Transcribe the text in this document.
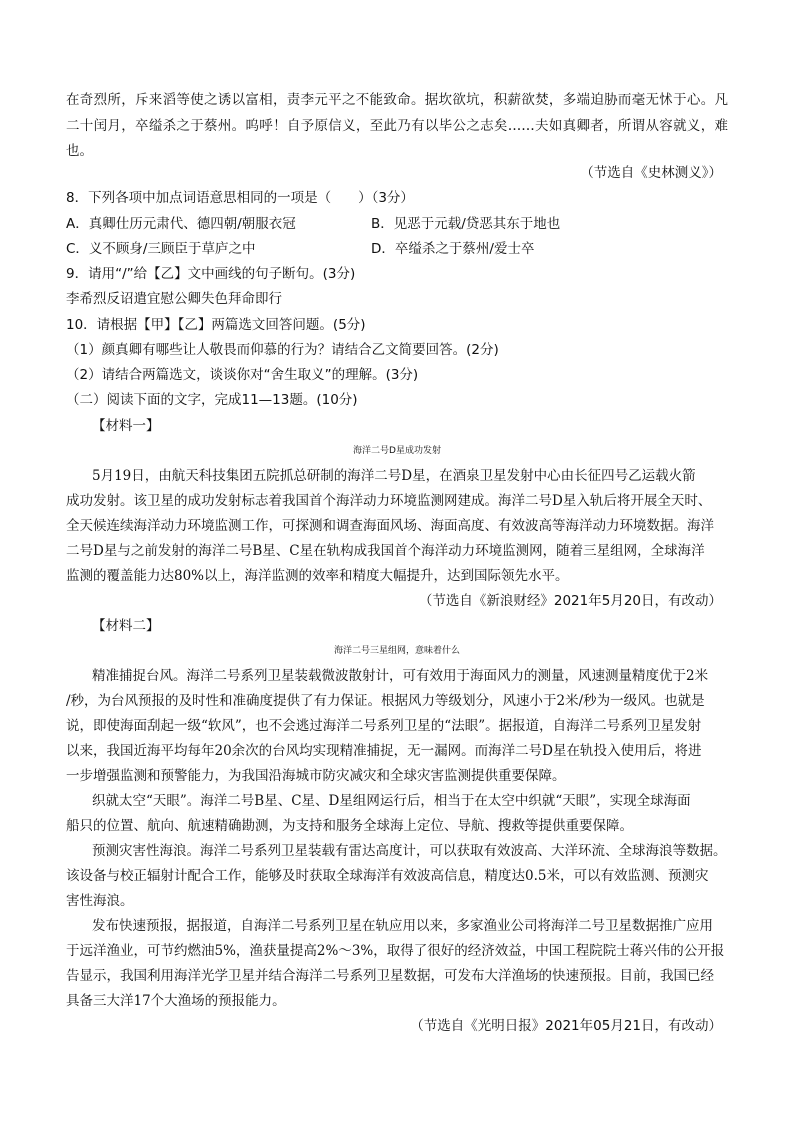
在奇烈所，斥来滔等使之诱以富相，责李元平之不能致命。据坎欲坑，积薪欲焚，多端迫胁而毫无怵于心。凡
二十闰月，卒缢杀之于蔡州。呜呼！自予原信义，至此乃有以毕公之志矣……夫如真卿者，所谓从容就义，难
也。
（节选自《史林测义》）
8．下列各项中加点词语意思相同的一项是（　　）（3分）
A．真卿仕历元肃代、德四朝/朝服衣冠	B．见恶于元载/贷恶其东于地也
C．义不顾身/三顾臣于草庐之中	D．卒缢杀之于蔡州/爱士卒
9．请用“/”给【乙】文中画线的句子断句。(3分)
李希烈反诏遣宜慰公卿失色拜命即行
10．请根据【甲】【乙】两篇选文回答问题。(5分)
（1）颜真卿有哪些让人敬畏而仰慕的行为？请结合乙文简要回答。(2分)
（2）请结合两篇选文，谈谈你对“舍生取义”的理解。(3分)
（二）阅读下面的文字，完成11—13题。(10分)
【材料一】
海洋二号D星成功发射
5月19日，由航天科技集团五院抓总研制的海洋二号D星，在酒泉卫星发射中心由长征四号乙运载火箭
成功发射。该卫星的成功发射标志着我国首个海洋动力环境监测网建成。海洋二号D星入轨后将开展全天时、
全天候连续海洋动力环境监测工作，可探测和调查海面风场、海面高度、有效波高等海洋动力环境数据。海洋
二号D星与之前发射的海洋二号B星、C星在轨构成我国首个海洋动力环境监测网，随着三星组网，全球海洋
监测的覆盖能力达80%以上，海洋监测的效率和精度大幅提升，达到国际领先水平。
（节选自《新浪财经》2021年5月20日，有改动）
【材料二】
海洋二号三星组网，意味着什么
精准捕捉台风。海洋二号系列卫星装载微波散射计，可有效用于海面风力的测量，风速测量精度优于2米
/秒，为台风预报的及时性和准确度提供了有力保证。根据风力等级划分，风速小于2米/秒为一级风。也就是
说，即使海面刮起一级“软风”，也不会逃过海洋二号系列卫星的“法眼”。据报道，自海洋二号系列卫星发射
以来，我国近海平均每年20余次的台风均实现精准捕捉，无一漏网。而海洋二号D星在轨投入使用后，将进
一步增强监测和预警能力，为我国沿海城市防灾减灾和全球灾害监测提供重要保障。
织就太空“天眼”。海洋二号B星、C星、D星组网运行后，相当于在太空中织就“天眼”，实现全球海面
船只的位置、航向、航速精确勘测，为支持和服务全球海上定位、导航、搜救等提供重要保障。
预测灾害性海浪。海洋二号系列卫星装载有雷达高度计，可以获取有效波高、大洋环流、全球海浪等数据。
该设备与校正辐射计配合工作，能够及时获取全球海洋有效波高信息，精度达0.5米，可以有效监测、预测灾
害性海浪。
发布快速预报，据报道，自海洋二号系列卫星在轨应用以来，多家渔业公司将海洋二号卫星数据推广应用
于远洋渔业，可节约燃油5%，渔获量提高2%～3%，取得了很好的经济效益，中国工程院院士蒋兴伟的公开报
告显示，我国利用海洋光学卫星并结合海洋二号系列卫星数据，可发布大洋渔场的快速预报。目前，我国已经
具备三大洋17个大渔场的预报能力。
（节选自《光明日报》2021年05月21日，有改动）
